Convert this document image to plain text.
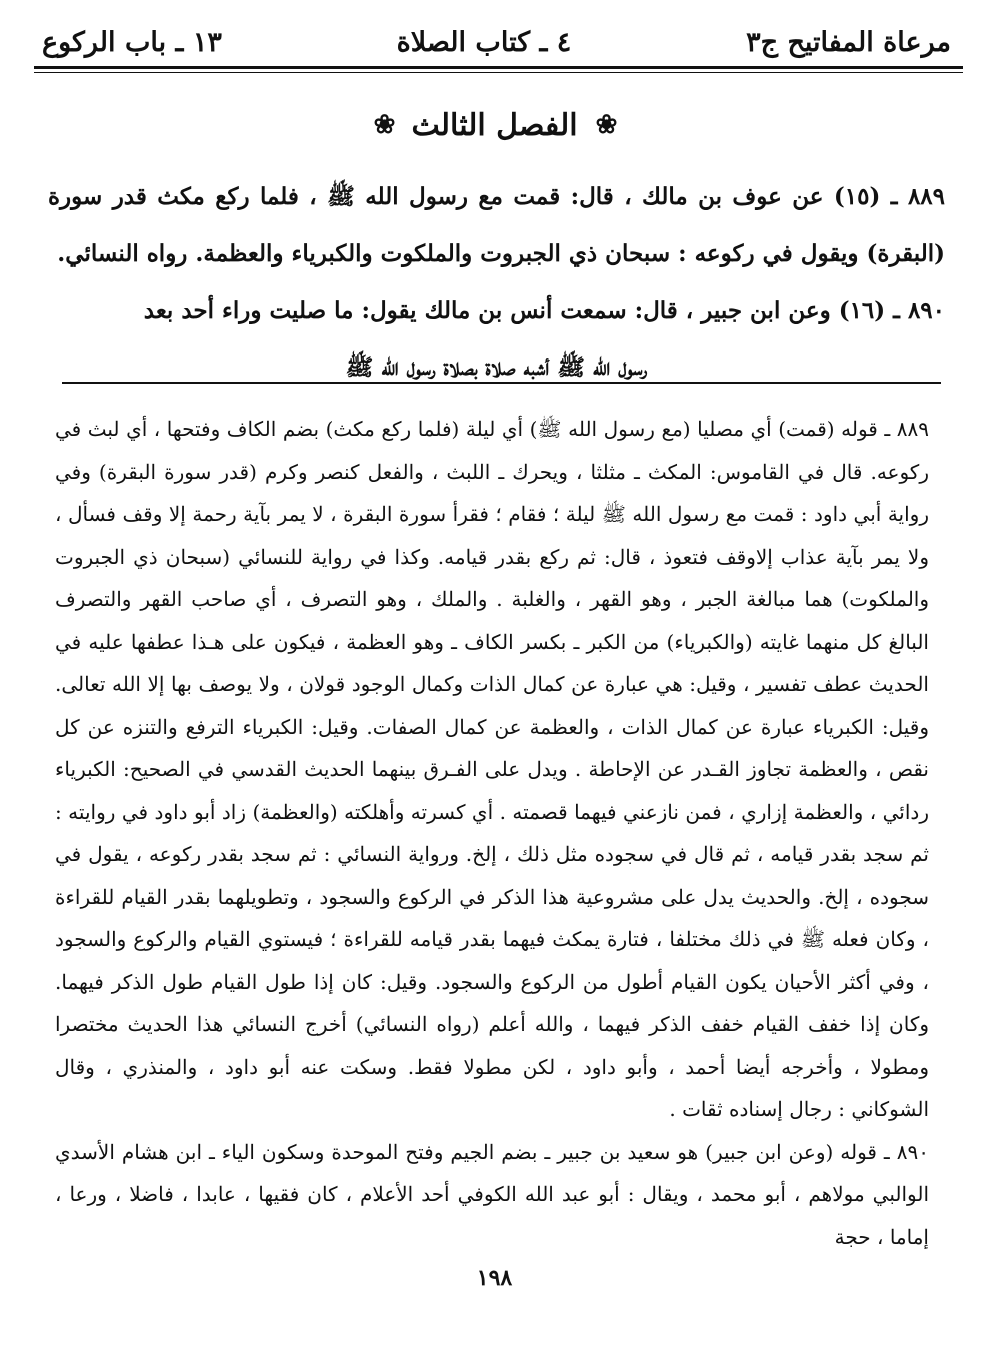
مرعاة المفاتيح ج٣
٤ ـ كتاب الصلاة
١٣ ـ باب الركوع
❀
الفصل الثالث
❀

٨٨٩ ـ (١٥) عن عوف بن مالك ، قال: قمت مع رسول الله ﷺ ، فلما ركع مكث قدر سورة (البقرة) ويقول في ركوعه : سبحان ذي الجبروت والملكوت والكبرياء والعظمة. رواه النسائي.

٨٩٠ ـ (١٦) وعن ابن جبير ، قال: سمعت أنس بن مالك يقول: ما صليت وراء أحد بعد

رسول الله ﷺ أشبه صلاة بصلاة رسول الله ﷺ

٨٨٩ ـ قوله (قمت) أي مصليا (مع رسول الله ﷺ) أي ليلة (فلما ركع مكث) بضم الكاف وفتحها ، أي لبث في ركوعه. قال في القاموس: المكث ـ مثلثا ، ويحرك ـ اللبث ، والفعل كنصر وكرم (قدر سورة البقرة) وفي رواية أبي داود : قمت مع رسول الله ﷺ ليلة ؛ فقام ؛ فقرأ سورة البقرة ، لا يمر بآية رحمة إلا وقف فسأل ، ولا يمر بآية عذاب إلاوقف فتعوذ ، قال: ثم ركع بقدر قيامه. وكذا في رواية للنسائي (سبحان ذي الجبروت والملكوت) هما مبالغة الجبر ، وهو القهر ، والغلبة . والملك ، وهو التصرف ، أي صاحب القهر والتصرف البالغ كل منهما غايته (والكبرياء) من الكبر ـ بكسر الكاف ـ وهو العظمة ، فيكون على هـذا عطفها عليه في الحديث عطف تفسير ، وقيل: هي عبارة عن كمال الذات وكمال الوجود قولان ، ولا يوصف بها إلا الله تعالى. وقيل: الكبرياء عبارة عن كمال الذات ، والعظمة عن كمال الصفات. وقيل: الكبرياء الترفع والتنزه عن كل نقص ، والعظمة تجاوز القـدر عن الإحاطة . ويدل على الفـرق بينهما الحديث القدسي في الصحيح: الكبرياء ردائي ، والعظمة إزاري ، فمن نازعني فيهما قصمته . أي كسرته وأهلكته (والعظمة) زاد أبو داود في روايته : ثم سجد بقدر قيامه ، ثم قال في سجوده مثل ذلك ، إلخ. ورواية النسائي : ثم سجد بقدر ركوعه ، يقول في سجوده ، إلخ. والحديث يدل على مشروعية هذا الذكر في الركوع والسجود ، وتطويلهما بقدر القيام للقراءة ، وكان فعله ﷺ في ذلك مختلفا ، فتارة يمكث فيهما بقدر قيامه للقراءة ؛ فيستوي القيام والركوع والسجود ، وفي أكثر الأحيان يكون القيام أطول من الركوع والسجود. وقيل: كان إذا طول القيام طول الذكر فيهما. وكان إذا خفف القيام خفف الذكر فيهما ، والله أعلم (رواه النسائي) أخرج النسائي هذا الحديث مختصرا ومطولا ، وأخرجه أيضا أحمد ، وأبو داود ، لكن مطولا فقط. وسكت عنه أبو داود ، والمنذري ، وقال الشوكاني : رجال إسناده ثقات .

٨٩٠ ـ قوله (وعن ابن جبير) هو سعيد بن جبير ـ بضم الجيم وفتح الموحدة وسكون الياء ـ ابن هشام الأسدي الوالبي مولاهم ، أبو محمد ، ويقال : أبو عبد الله الكوفي أحد الأعلام ، كان فقيها ، عابدا ، فاضلا ، ورعا ، إماما ، حجة

١٩٨
